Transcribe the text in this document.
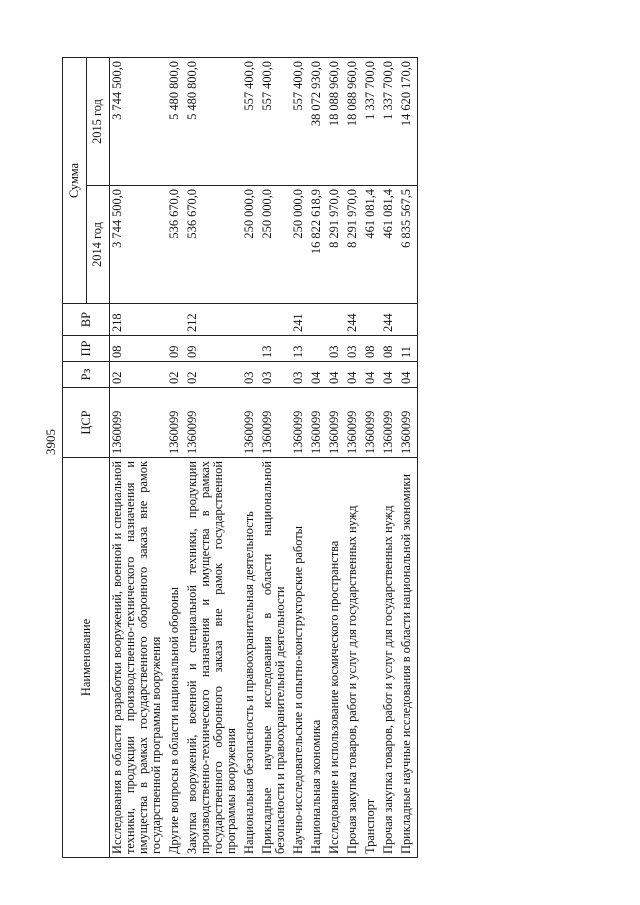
3905
Наименование	ЦСР	Рз	ПР	ВР	Сумма	
					2014 год	2015 год
Исследования в области разработки вооружений, военной и специальной техники, продукции производственно-технического назначения и имущества в рамках государственного оборонного заказа вне рамок государственной программы вооружения	1360099	02	08	218	3 744 500,0	3 744 500,0
Другие вопросы в области национальной обороны	1360099	02	09		536 670,0	5 480 800,0
Закупка вооружений, военной и специальной техники, продукции производственно-технического назначения и имущества в рамках государственного оборонного заказа вне рамок государственной программы вооружения	1360099	02	09	212	536 670,0	5 480 800,0
Национальная безопасность и правоохранительная деятельность	1360099	03			250 000,0	557 400,0
Прикладные научные исследования в области национальной безопасности и правоохранительной деятельности	1360099	03	13		250 000,0	557 400,0
Научно-исследовательские и опытно-конструкторские работы	1360099	03	13	241	250 000,0	557 400,0
Национальная экономика	1360099	04			16 822 618,9	38 072 930,0
Исследование и использование космического пространства	1360099	04	03		8 291 970,0	18 088 960,0
Прочая закупка товаров, работ и услуг для государственных нужд	1360099	04	03	244	8 291 970,0	18 088 960,0
Транспорт	1360099	04	08		461 081,4	1 337 700,0
Прочая закупка товаров, работ и услуг для государственных нужд	1360099	04	08	244	461 081,4	1 337 700,0
Прикладные научные исследования в области национальной экономики	1360099	04	11		6 835 567,5	14 620 170,0
